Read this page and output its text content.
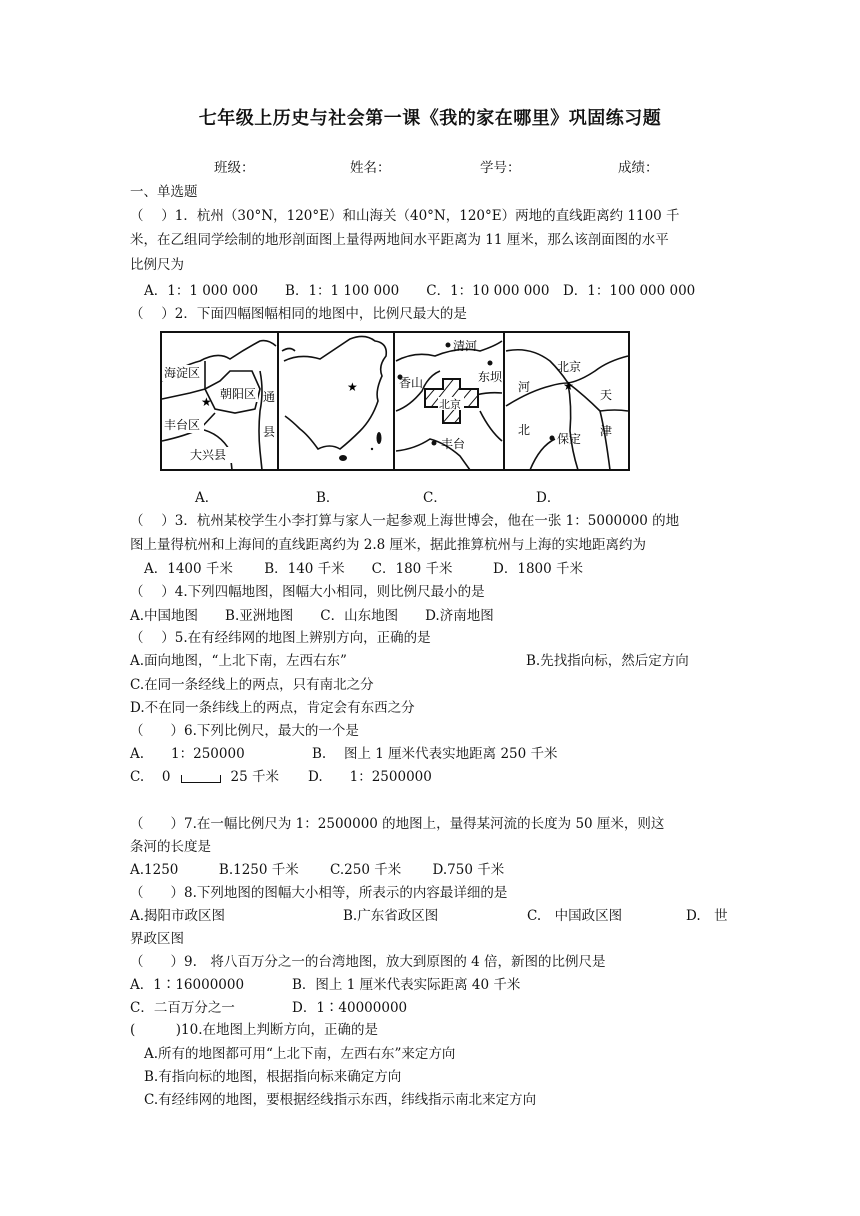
七年级上历史与社会第一课《我的家在哪里》巩固练习题
班级：	姓名：	学号：	成绩：
一、单选题
（　 ）1．杭州（30°N，120°E）和山海关（40°N，120°E）两地的直线距离约 1100 千
米，在乙组同学绘制的地形剖面图上量得两地间水平距离为 11 厘米，那么该剖面图的水平
比例尺为
A．1：1 000 000　　B．1：1 100 000　　C．1：10 000 000　D．1：100 000 000
（　 ）2．下面四幅图幅相同的地图中，比例尺最大的是
海淀区
朝阳区
丰台区
大兴县
通
县
★
★
北京
清河
香山	东坝
丰台
★
北京
河
北
保定
天
津
A．	B．	C．	D．
（　 ）3．杭州某校学生小李打算与家人一起参观上海世博会，他在一张 1：5000000 的地
图上量得杭州和上海间的直线距离约为 2.8 厘米，据此推算杭州与上海的实地距离约为
A．1400 千米　　 B．140 千米　　C．180 千米　　　D．1800 千米
（　 ）4.下列四幅地图，图幅大小相同，则比例尺最小的是
A.中国地图　　B.亚洲地图　　C．山东地图　　D.济南地图
（　 ）5.在有经纬网的地图上辨别方向，正确的是
A.面向地图，“上北下南，左西右东”	B.先找指向标，然后定方向
C.在同一条经线上的两点，只有南北之分
D.不在同一条纬线上的两点，肯定会有东西之分
（　　）6.下列比例尺，最大的一个是
A.　　1：250000	B.　 图上 1 厘米代表实地距离 250 千米
C.　 0	25 千米 D.　　1：2500000
（　　）7.在一幅比例尺为 1：2500000 的地图上，量得某河流的长度为 50 厘米，则这
条河的长度是
A.1250　　　B.1250 千米　　 C.250 千米　　 D.750 千米
（　　）8.下列地图的图幅大小相等，所表示的内容最详细的是
A.揭阳市政区图	B.广东省政区图	C.　中国政区图	D.　世
界政区图
（　　）9.　将八百万分之一的台湾地图，放大到原图的 4 倍，新图的比例尺是
A．1∶16000000	B．图上 1 厘米代表实际距离 40 千米
C．二百万分之一	D．1∶40000000
(　　　)10.在地图上判断方向，正确的是
A.所有的地图都可用“上北下南，左西右东”来定方向
B.有指向标的地图，根据指向标来确定方向
C.有经纬网的地图，要根据经线指示东西，纬线指示南北来定方向
